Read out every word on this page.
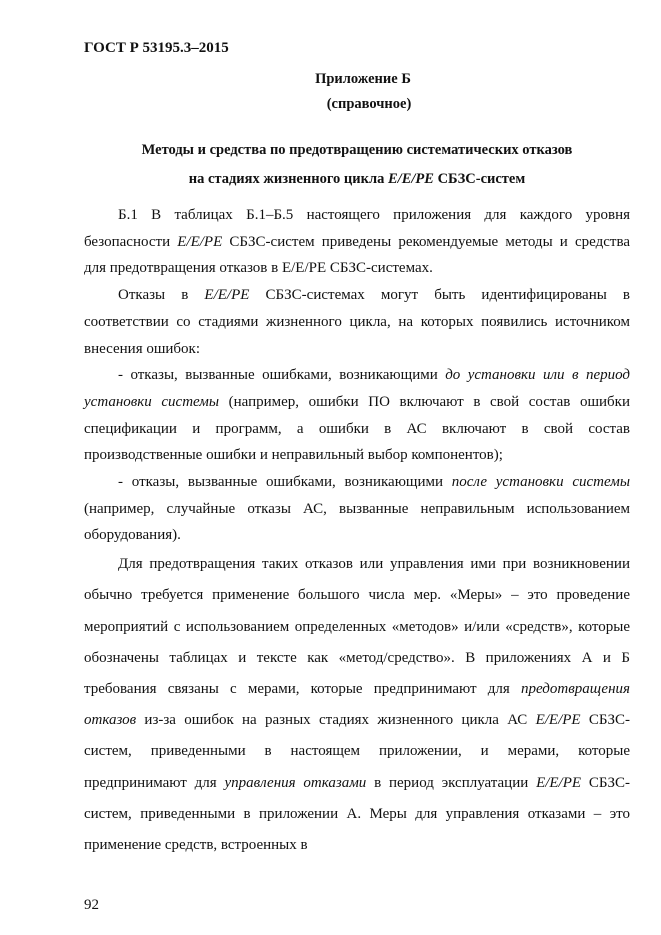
ГОСТ Р 53195.3–2015
Приложение Б
(справочное)
Методы и средства по предотвращению систематических отказов
на стадиях жизненного цикла Е/Е/РЕ СБЗС-систем

Б.1 В таблицах Б.1–Б.5 настоящего приложения для каждого уровня безопасности Е/Е/РЕ СБЗС-систем приведены рекомендуемые методы и средства для предотвращения отказов в Е/Е/РЕ СБЗС-системах.

Отказы в Е/Е/РЕ СБЗС-системах могут быть идентифицированы в соответствии со стадиями жизненного цикла, на которых появились источником внесения ошибок:

- отказы, вызванные ошибками, возникающими до установки или в период установки системы (например, ошибки ПО включают в свой состав ошибки спецификации и программ, а ошибки в АС включают в свой состав производственные ошибки и неправильный выбор компонентов);

- отказы, вызванные ошибками, возникающими после установки системы (например, случайные отказы АС, вызванные неправильным использованием оборудования).

Для предотвращения таких отказов или управления ими при возникновении обычно требуется применение большого числа мер. «Меры» – это проведение мероприятий с использованием определенных «методов» и/или «средств», которые обозначены таблицах и тексте как «метод/средство». В приложениях А и Б требования связаны с мерами, которые предпринимают для предотвращения отказов из-за ошибок на разных стадиях жизненного цикла АС Е/Е/РЕ СБЗС-систем, приведенными в настоящем приложении, и мерами, которые предпринимают для управления отказами в период эксплуатации Е/Е/РЕ СБЗС-систем, приведенными в приложении А. Меры для управления отказами – это применение средств, встроенных в

92
